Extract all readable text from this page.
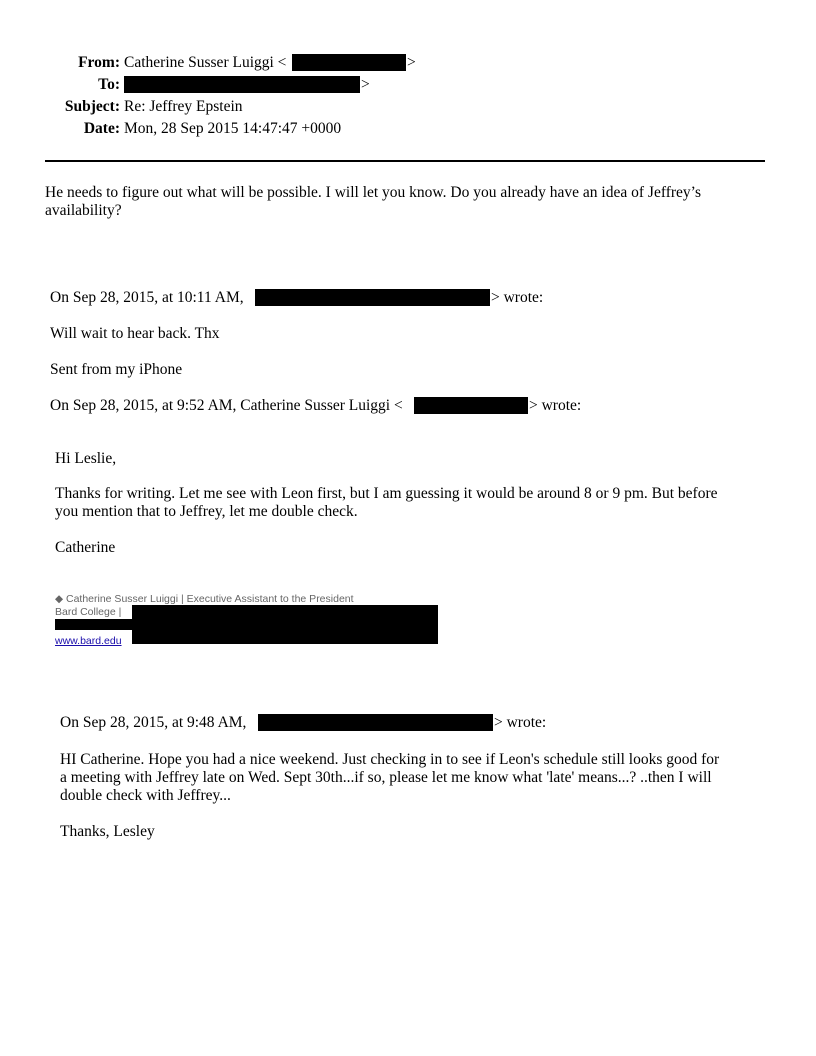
From: Catherine Susser Luiggi <	>
To:	>
Subject: Re: Jeffrey Epstein
Date: Mon, 28 Sep 2015 14:47:47 +0000
He needs to figure out what will be possible. I will let you know. Do you already have an idea of Jeffrey’s
availability?
On Sep 28, 2015, at 10:11 AM,	> wrote:
Will wait to hear back. Thx
Sent from my iPhone
On Sep 28, 2015, at 9:52 AM, Catherine Susser Luiggi <	> wrote:
Hi Leslie,
Thanks for writing. Let me see with Leon first, but I am guessing it would be around 8 or 9 pm. But before
you mention that to Jeffrey, let me double check.
Catherine
◆ Catherine Susser Luiggi | Executive Assistant to the President
Bard College |
www.bard.edu
On Sep 28, 2015, at 9:48 AM,	> wrote:
HI Catherine. Hope you had a nice weekend. Just checking in to see if Leon's schedule still looks good for
a meeting with Jeffrey late on Wed. Sept 30th...if so, please let me know what 'late' means...? ..then I will
double check with Jeffrey...
Thanks, Lesley
